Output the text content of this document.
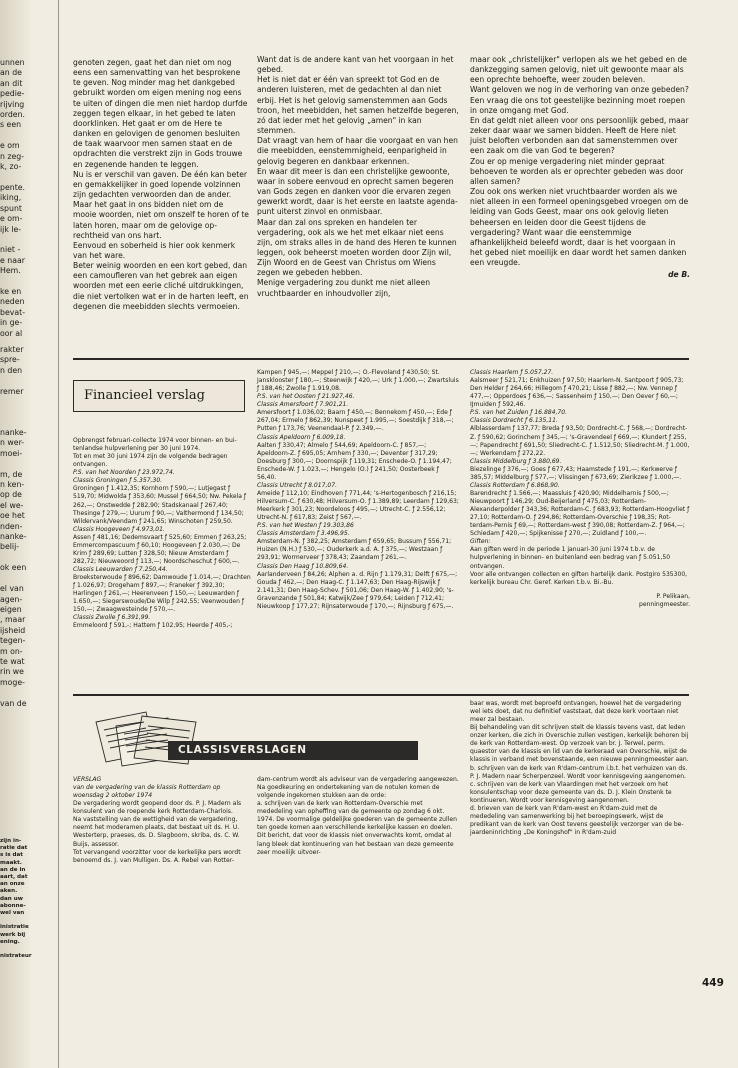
unnen
an de
an dit
pedie-
rijving
orden.
s een

e om
n zeg-
k, zo-

pente.
iking,
spunt
e om-
ijk le-

niet -
e naar
Hem.

ke en
neden
bevat-
in ge-
oor al
rakter
spre-
n den

remer
nanke-
n wer-
moei-

m, de
n ken-
op de
el we-
oe het
nden-
nanke-
belij-

ok een

el van
agen-
eigen
, maar
ijsheid
tegen-
m on-
te wat
rin we
moge-

van de
zijn in-
ratie dat
s is dat
maakt.
an de in
aart, dat
an onze
aken.
dan uw
abonne-
wel van

inistratie
werk bij
ening.

nistrateur

genoten zegen, gaat het dan niet om nog eens een samenvatting van het besprokene te geven. Nog minder mag het dankgebed gebruikt worden om eigen mening nog eens te uiten of dingen die men niet hardop durfde zeggen tegen elkaar, in het gebed te laten doorklinken. Het gaat er om de Here te danken en gelovigen de genomen besluiten de taak waarvoor men samen staat en de opdrachten die verstrekt zijn in Gods trouwe en zegenende handen te leggen.

Nu is er verschil van gaven. De één kan beter en gemakkelijker in goed lopende volzinnen zijn gedachten verwoorden dan de ander.

Maar het gaat in ons bidden niet om de mooie woorden, niet om onszelf te horen of te laten horen, maar om de gelovige oprechtheid van ons hart.

Eenvoud en soberheid is hier ook kenmerk van het ware.

Beter weinig woorden en een kort gebed, dan een camoufleren van het gebrek aan eigen woorden met een eerie cliché uitdrukkingen, die niet vertolken wat er in de harten leeft, en degenen die meebidden slechts vermoeien.

Want dat is de andere kant van het voorgaan in het gebed.

Het is niet dat er één van spreekt tot God en de anderen luisteren, met de gedachten al dan niet erbij. Het is het gelovig samenstemmen aan Gods troon, het meebidden, het samen hetzelfde begeren, zó dat ieder met het gelovig „amen" in kan stemmen.

Dat vraagt van hem of haar die voorgaat en van hen die meebidden, eenstemmigheid, eenparigheid in gelovig begeren en dankbaar erkennen.

En waar dit meer is dan een christelijke gewoonte, waar in sobere eenvoud en oprecht samen begeren van Gods zegen en danken voor die ervaren zegen gewerkt wordt, daar is het eerste en laatste agendapunt uiterst zinvol en onmisbaar.

Maar dan zal ons spreken en handelen ter vergadering, ook als we het met elkaar niet eens zijn, om straks alles in de hand des Heren te kunnen leggen, ook beheerst moeten worden door Zijn wil, Zijn Woord en de Geest van Christus om Wiens zegen we gebeden hebben.

Menige vergadering zou dunkt me niet alleen vruchtbaarder en inhoudvoller zijn,

maar ook „christelijker" verlopen als we het gebed en de dankzegging samen gelovig, niet uit gewoonte maar als een oprechte behoefte, weer zouden beleven.

Want geloven we nog in de verhoring van onze gebeden?

Een vraag die ons tot geestelijke bezinning moet roepen in onze omgang met God.

En dat geldt niet alleen voor ons persoonlijk gebed, maar zeker daar waar we samen bidden. Heeft de Here niet juist beloften verbonden aan dat samenstemmen over een zaak om die van God te begeren?

Zou er op menige vergadering niet minder gepraat behoeven te worden als er oprechter gebeden was door allen samen?

Zou ook ons werken niet vruchtbaarder worden als we niet alleen in een formeel openingsgebed vroegen om de leiding van Gods Geest, maar ons ook gelovig lieten beheersen en leiden door die Geest tijdens de vergadering? Want waar die eenstemmige afhankelijkheid beleefd wordt, daar is het voorgaan in het gebed niet moeilijk en daar wordt het samen danken een vreugde.

de B.

Financieel verslag

Opbrengst februari-collecte 1974 voor binnen- en buitenlandse hulpverlening per 30 juni 1974.

Tot en met 30 juni 1974 zijn de volgende bedragen ontvangen.

P.S. van het Noorden ƒ 23.972,74.

Classis Groningen ƒ 5.357,30.

Groningen ƒ 1.412,35; Kornhorn ƒ 590,—; Lutjegast ƒ 519,70; Midwolda ƒ 353,60; Mussel ƒ 664,50; Nw. Pekela ƒ 262,—; Onstwedde ƒ 282,90; Stadskanaal ƒ 267,40; Thesinge ƒ 279,—; Uurum ƒ 90,—; Valthermond ƒ 134,50; Wildervank/Veendam ƒ 241,65; Winschoten ƒ 259,50.

Classis Hoogeveen ƒ 4.973,01.

Assen ƒ 481,16; Dedemsvaart ƒ 525,60; Emmen ƒ 263,25; Emmercompascuum ƒ 60,10; Hoogeveen ƒ 2.030,—; De Krim ƒ 289,69; Lutten ƒ 328,50; Nieuw Amsterdam ƒ 282,72; Nieuweoord ƒ 113,—; Noordscheschut ƒ 600,—.

Classis Leeuwarden ƒ 7.250,44.

Broeksterwoude ƒ 896,62; Damwoude ƒ 1.014,—; Drachten ƒ 1.026,97; Drogeham ƒ 897,—; Franeker ƒ 392,30; Harlingen ƒ 261,—; Heerenveen ƒ 150,—; Leeuwarden ƒ 1.650,—; Siegerswoude/De Wilp ƒ 242,55; Veenwouden ƒ 150,—; Zwaagwesteinde ƒ 570,—.

Classis Zwolle ƒ 6.391,99.

Emmeloord ƒ 591,-; Hattem ƒ 102,95; Heerde ƒ 405,-;

Kampen ƒ 945,—; Meppel ƒ 210,—; O.-Flevoland ƒ 430,50; St. Jansklooster ƒ 180,—; Steenwijk ƒ 420,—; Urk ƒ 1.000,—; Zwartsluis ƒ 188,46; Zwolle ƒ 1.919,08.

P.S. van het Oosten ƒ 21.927,46.

Classis Amersfoort ƒ 7.901,21.

Amersfoort ƒ 1.036,02; Baarn ƒ 450,—; Bennekom ƒ 450,—; Ede ƒ 267,04; Ermelo ƒ 862,39; Nunspeet ƒ 1.995,—; Soestdijk ƒ 318,—; Putten ƒ 173,76; Veenendaal-P. ƒ 2.349,—.

Classis Apeldoorn ƒ 6.009,18.

Aalten ƒ 330,47; Almelo ƒ 544,69; Apeldoorn-C. ƒ 857,—; Apeldoorn-Z. ƒ 695,05; Arnhem ƒ 330,—; Deventer ƒ 317,29; Doesburg ƒ 300,—; Doornspijk ƒ 119,31; Enschede-O. ƒ 1.194,47; Enschede-W. ƒ 1.023,—; Hengelo (O.) ƒ 241,50; Oosterbeek ƒ 56,40.

Classis Utrecht ƒ 8.017,07.

Ameide ƒ 112,10; Eindhoven ƒ 771,44; 's-Hertogenbosch ƒ 216,15; Hilversum-C. ƒ 630,48; Hilversum-O. ƒ 1.389,89; Leerdam ƒ 129,63; Meerkerk ƒ 301,23; Noordeloos ƒ 495,—; Utrecht-C. ƒ 2.556,12; Utrecht-N. ƒ 617,83; Zeist ƒ 567,—.

P.S. van het Westen ƒ 19.303,86

Classis Amsterdam ƒ 3.496,95.

Amsterdam-N. ƒ 382,25; Amsterdam ƒ 659,65; Bussum ƒ 556,71; Huizen (N.H.) ƒ 530,—; Ouderkerk a.d. A. ƒ 375,—; Westzaan ƒ 293,91; Wormerveer ƒ 378,43; Zaandam ƒ 261,—.

Classis Den Haag ƒ 10.809,64.

Aarlanderveen ƒ 84,26; Alphen a. d. Rijn ƒ 1.179,31; Delft ƒ 675,—; Gouda ƒ 462,—; Den Haag-C. ƒ 1.147,63; Den Haag-Rijswijk ƒ 2.141,31; Den Haag-Schev. ƒ 501,06; Den Haag-W. ƒ 1.402,90; 's-Gravenzande ƒ 501,84; Katwijk/Zee ƒ 979,64; Leiden ƒ 712,41; Nieuwkoop ƒ 177,27; Rijnsaterwoude ƒ 170,—; Rijnsburg ƒ 675,—.

Classis Haarlem ƒ 5.057,27.

Aalsmeer ƒ 521,71; Enkhuizen ƒ 97,50; Haarlem-N. Santpoort ƒ 905,73; Den Helder ƒ 264,66; Hillegom ƒ 470,21; Lisse ƒ 882,—; Nw. Vennep ƒ 477,—; Opperdoes ƒ 636,—; Sassenheim ƒ 150,—; Den Oever ƒ 60,—; IJmuiden ƒ 592,46.

P.S. van het Zuiden ƒ 16.884,70.

Classis Dordrecht ƒ 6.135,11.

Alblasserdam ƒ 137,77; Breda ƒ 93,50; Dordrecht-C. ƒ 568,—; Dordrecht-Z. ƒ 590,62; Gorinchem ƒ 345,—; 's-Gravendeel ƒ 669,—; Klundert ƒ 255,—; Papendrecht ƒ 691,50; Sliedrecht-C. ƒ 1.512,50; Sliedrecht-M. ƒ 1.000,—; Werkendam ƒ 272,22.

Classis Middelburg ƒ 3.880,69.

Biezelinge ƒ 376,—; Goes ƒ 677,43; Haamstede ƒ 191,—; Kerkwerve ƒ 385,57; Middelburg ƒ 577,—; Vlissingen ƒ 673,69; Zierikzee ƒ 1.000,—.

Classis Rotterdam ƒ 6.868,90.

Barendrecht ƒ 1.566,—; Maassluis ƒ 420,90; Middelharnis ƒ 500,—; Nieuwpoort ƒ 146,29; Oud-Beijerland ƒ 475,03; Rotterdam-Alexanderpolder ƒ 343,36; Rotterdam-C. ƒ 683,93; Rotterdam-Hoogvliet ƒ 27,10; Rotterdam-O. ƒ 294,86; Rotterdam-Overschie ƒ 198,35; Rotterdam-Pernis ƒ 69,—; Rotterdam-west ƒ 390,08; Rotterdam-Z. ƒ 964,—; Schiedam ƒ 420,—; Spijkenisse ƒ 270,—; Zuidland ƒ 100,—.

Giften:

Aan giften werd in de periode 1 januari-30 juni 1974 t.b.v. de hulpverlening in binnen- en buitenland een bedrag van ƒ 5.051,50 ontvangen.

Voor alle ontvangen collecten en giften hartelijk dank. Postgiro 535300, kerkelijk bureau Chr. Geref. Kerken t.b.v. Bi.-Bu.

P. Pelikaan,

penningmeester.

CLASSISVERSLAGEN

VERSLAG

van de vergadering van de klassis Rotterdam op woensdag 2 oktober 1974

De vergadering wordt geopend door ds. P. J. Madern als konsulent van de roepende kerk Rotterdam-Charlois.

Na vaststelling van de wettigheid van de vergadering, neemt het moderamen plaats, dat bestaat uit ds. H. U. Westerterp, praeses, ds. D. Slagboom, skriba, ds. C. W. Buijs, assessor.

Tot vervangend voorzitter voor de kerkelijke pers wordt benoemd ds. J. van Mulligen. Ds. A. Rebel van Rotter-

dam-centrum wordt als adviseur van de vergadering aangewezen.

Na goedkeuring en ondertekening van de notulen komen de volgende ingekomen stukken aan de orde:

a. schrijven van de kerk van Rotterdam-Overschie met mededeling van opheffing van de gemeente op zondag 6 okt. 1974. De voormalige geldelijke goederen van de gemeente zullen ten goede komen aan verschillende kerkelijke kassen en doelen. Dit bericht, dat voor de klassis niet onverwachts komt, omdat al lang bleek dat kontinuering van het bestaan van deze gemeente zeer moeilijk uitvoer-

baar was, wordt met beproefd ontvangen, hoewel het de vergadering wel iets doet, dat nu definitief vaststaat, dat deze kerk voortaan niet meer zal bestaan.

Bij behandeling van dit schrijven stelt de klassis tevens vast, dat leden onzer kerken, die zich in Overschie zullen vestigen, kerkelijk behoren bij de kerk van Rotterdam-west. Op verzoek van br. J. Terwel, perm. quaestor van de klassis en lid van de kerkeraad van Overschie, wijst de klassis in verband met bovenstaande, een nieuwe penningmeester aan.

b. schrijven van de kerk van R'dam-centrum i.b.t. het verhuizen van ds. P. J. Madern naar Scherpenzeel. Wordt voor kennisgeving aangenomen.

c. schrijven van de kerk van Vlaardingen met het verzoek om het konsulentschap voor deze gemeente van ds. D. J. Klein Onstenk te kontinueren, Wordt voor kennisgeving aangenomen.

d. brieven van de kerk van R'dam-west en R'dam-zuid met de mededeling van samenwerking bij het beroepingswerk, wijst de predikant van de kerk van Oost tevens geestelijk verzorger van de bejaardeninrichting „De Koningshof" in R'dam-zuid

449
